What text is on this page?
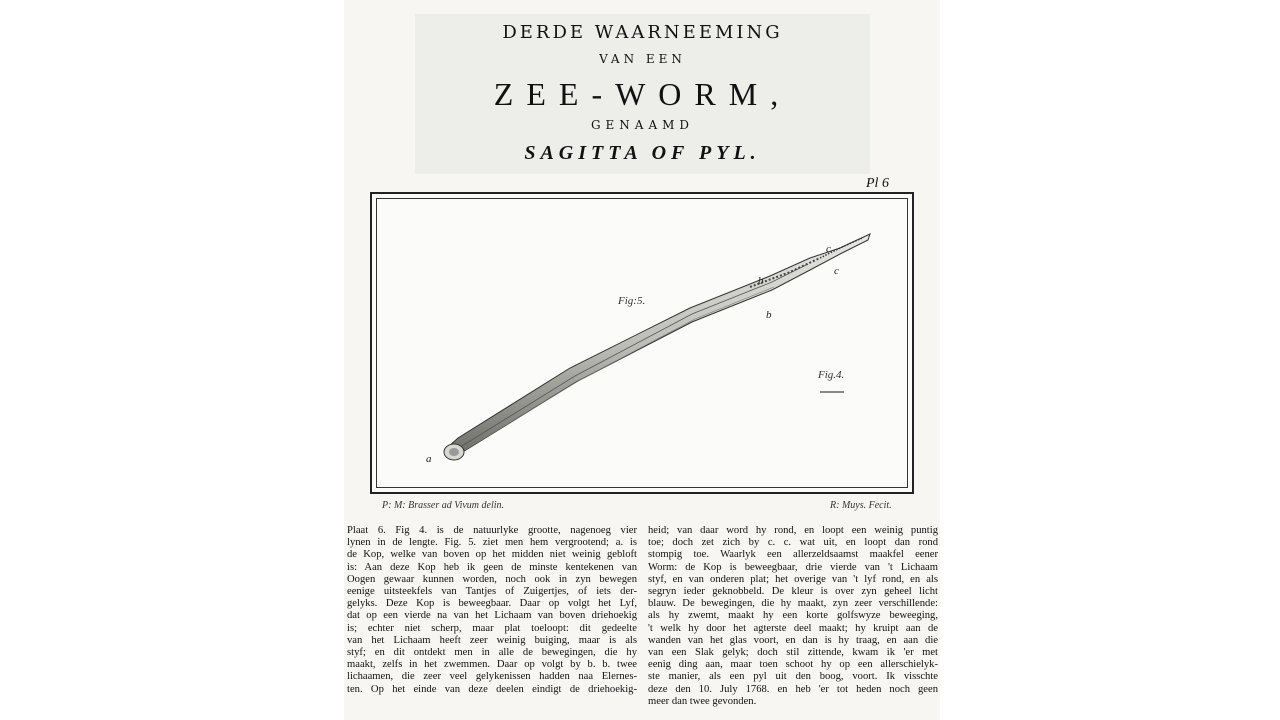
DERDE WAARNEEMING
VAN EEN
ZEE-WORM,
GENAAMD
SAGITTA OF PYL.
Pl 6
a
b
b
c
c
Fig:5.
Fig.4.
P: M: Brasser ad Vivum delin.	R: Muys. Fecit.
Plaat 6. Fig 4. is de natuurlyke grootte, nagenoeg vier
lynen in de lengte. Fig. 5. ziet men hem vergrootend; a. is
de Kop, welke van boven op het midden niet weinig gebloft
is: Aan deze Kop heb ik geen de minste kentekenen van
Oogen gewaar kunnen worden, noch ook in zyn bewegen
eenige uitsteekfels van Tantjes of Zuigertjes, of iets der-
gelyks. Deze Kop is beweegbaar. Daar op volgt het Lyf,
dat op een vierde na van het Lichaam van boven driehoekig
is; echter niet scherp, maar plat toeloopt: dit gedeelte
van het Lichaam heeft zeer weinig buiging, maar is als
styf; en dit ontdekt men in alle de bewegingen, die hy
maakt, zelfs in het zwemmen. Daar op volgt by b. b. twee
lichaamen, die zeer veel gelykenissen hadden naa Elernes-
ten. Op het einde van deze deelen eindigt de driehoekig-
heid; van daar word hy rond, en loopt een weinig puntig
toe; doch zet zich by c. c. wat uit, en loopt dan rond
stompig toe. Waarlyk een allerzeldsaamst maakfel eener
Worm: de Kop is beweegbaar, drie vierde van 't Lichaam
styf, en van onderen plat; het overige van 't lyf rond, en als
segryn ieder geknobbeld. De kleur is over zyn geheel licht
blauw. De bewegingen, die hy maakt, zyn zeer verschillende:
als hy zwemt, maakt hy een korte golfswyze beweeging,
't welk hy door het agterste deel maakt; hy kruipt aan de
wanden van het glas voort, en dan is hy traag, en aan die
van een Slak gelyk; doch stil zittende, kwam ik 'er met
eenig ding aan, maar toen schoot hy op een allerschielyk-
ste manier, als een pyl uit den boog, voort. Ik visschte
deze den 10. July 1768. en heb 'er tot heden noch geen
meer dan twee gevonden.
